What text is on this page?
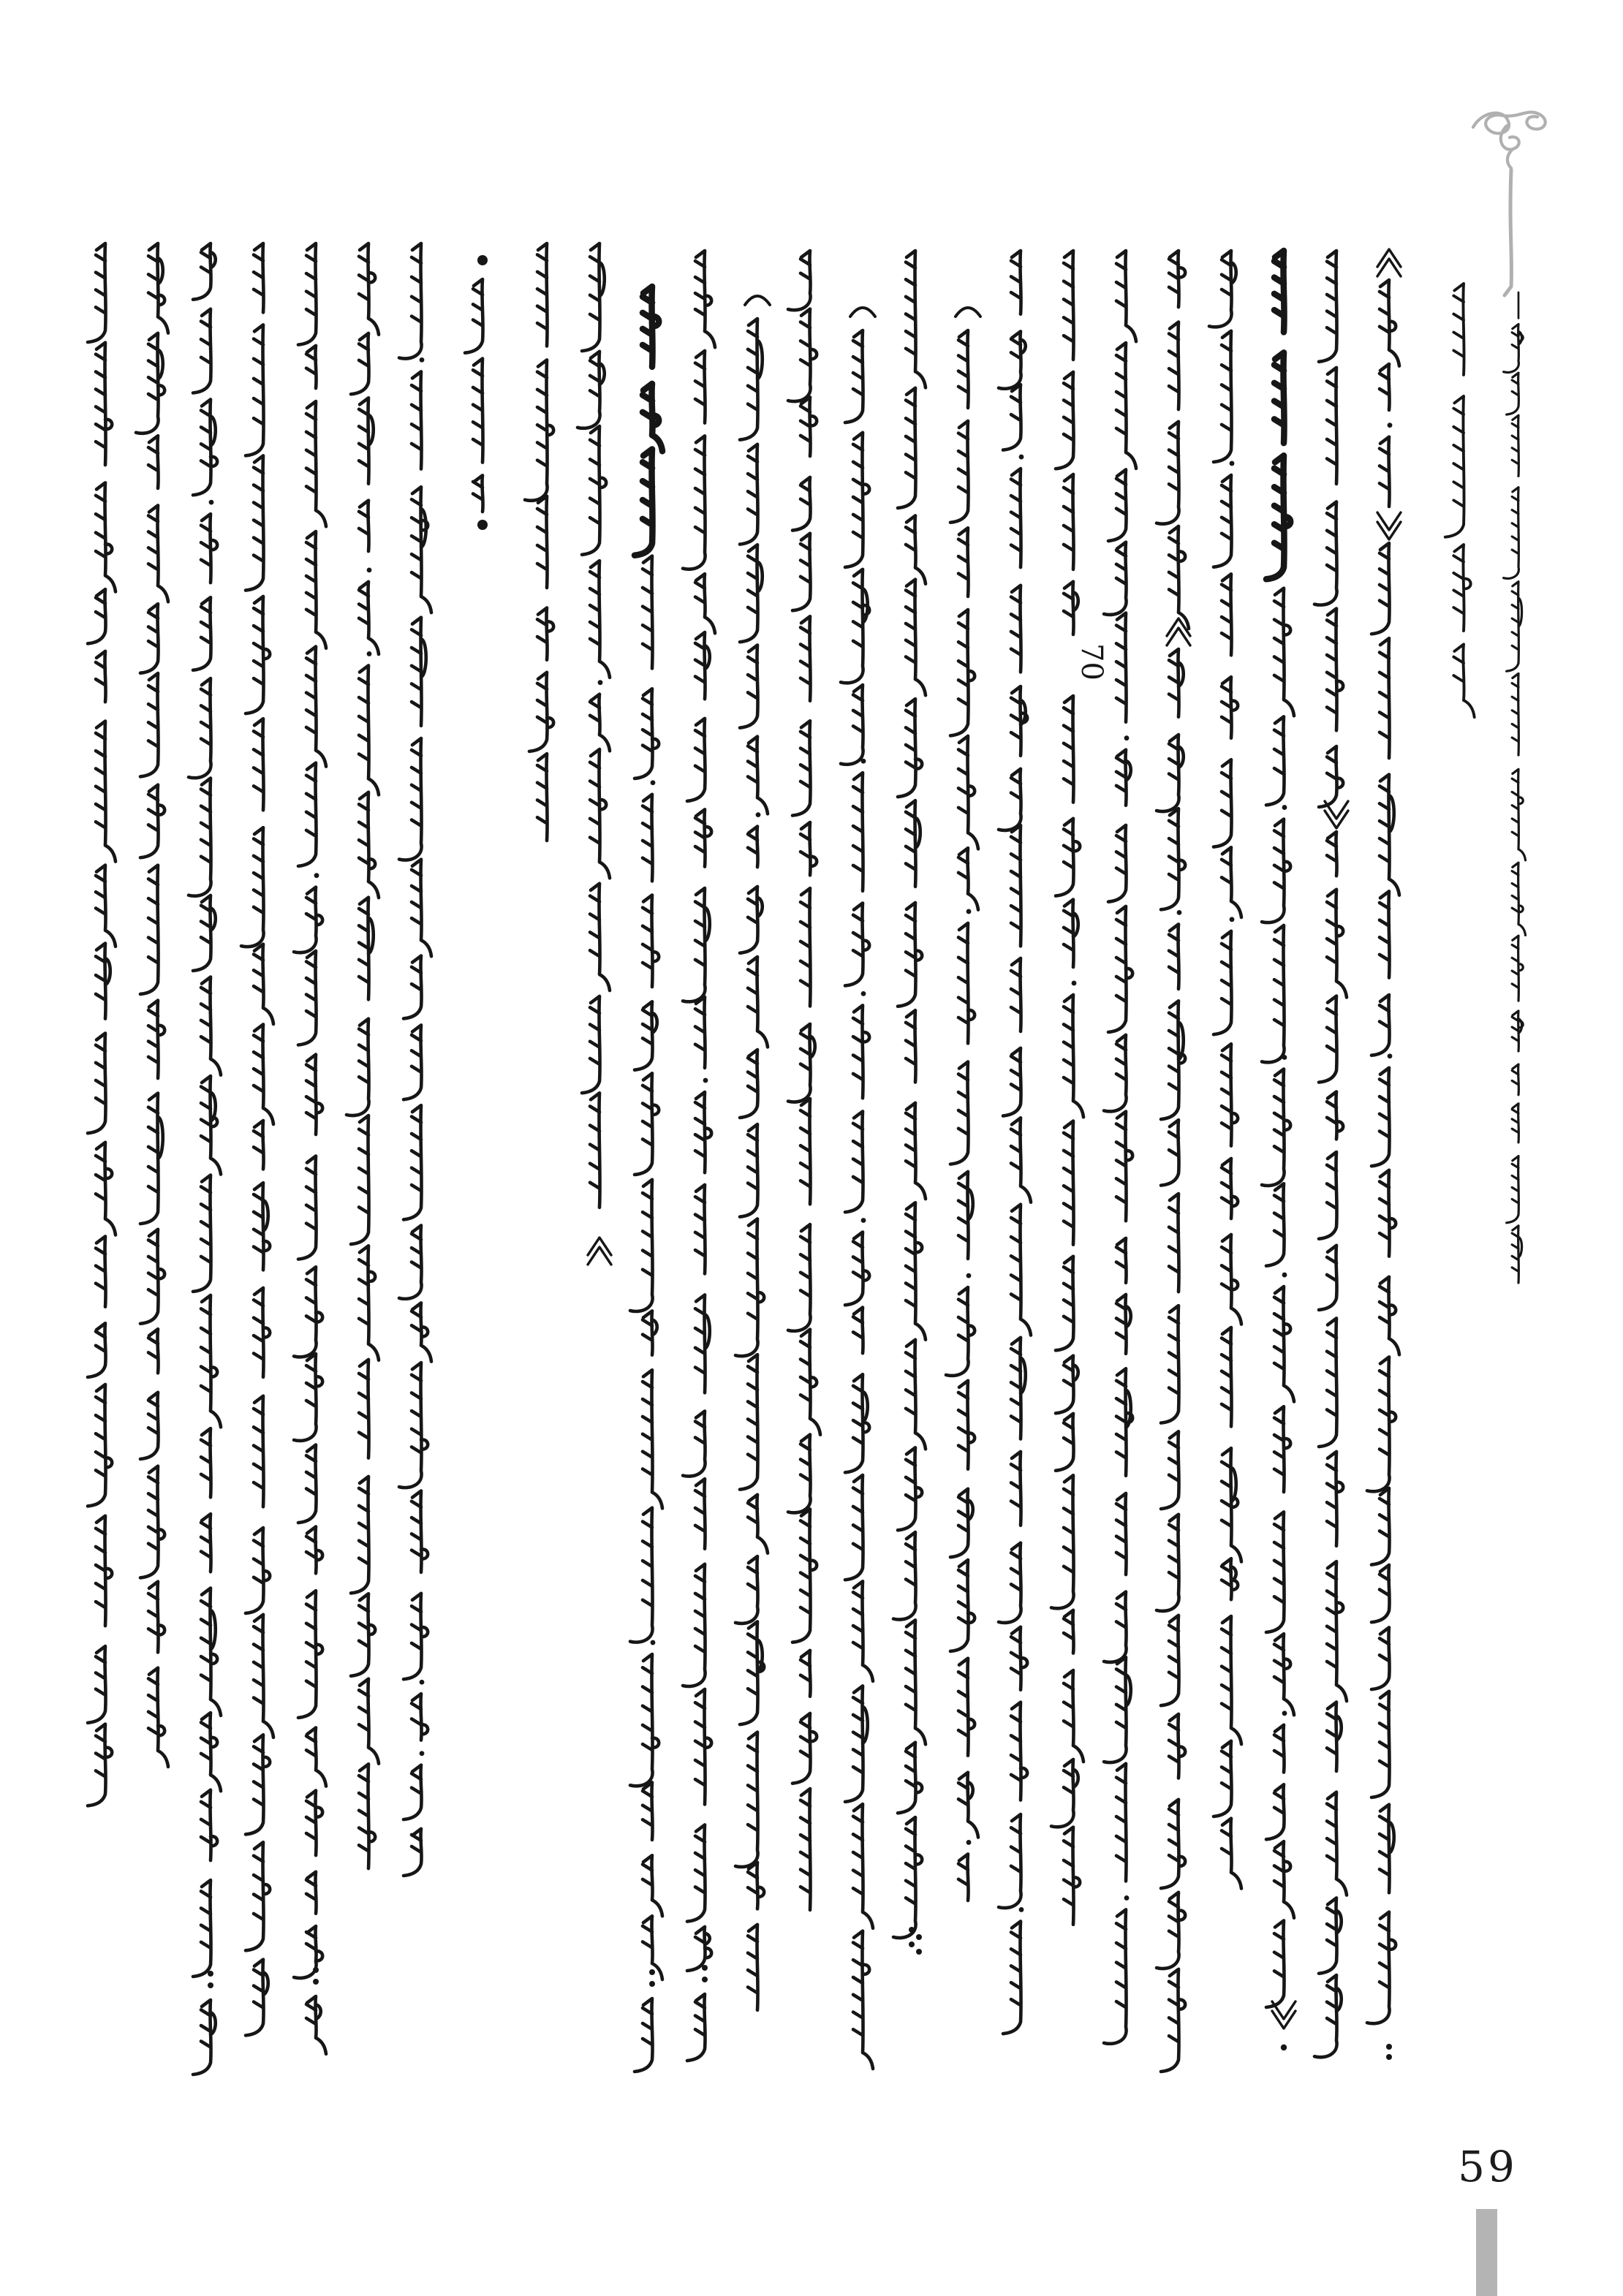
70
59
